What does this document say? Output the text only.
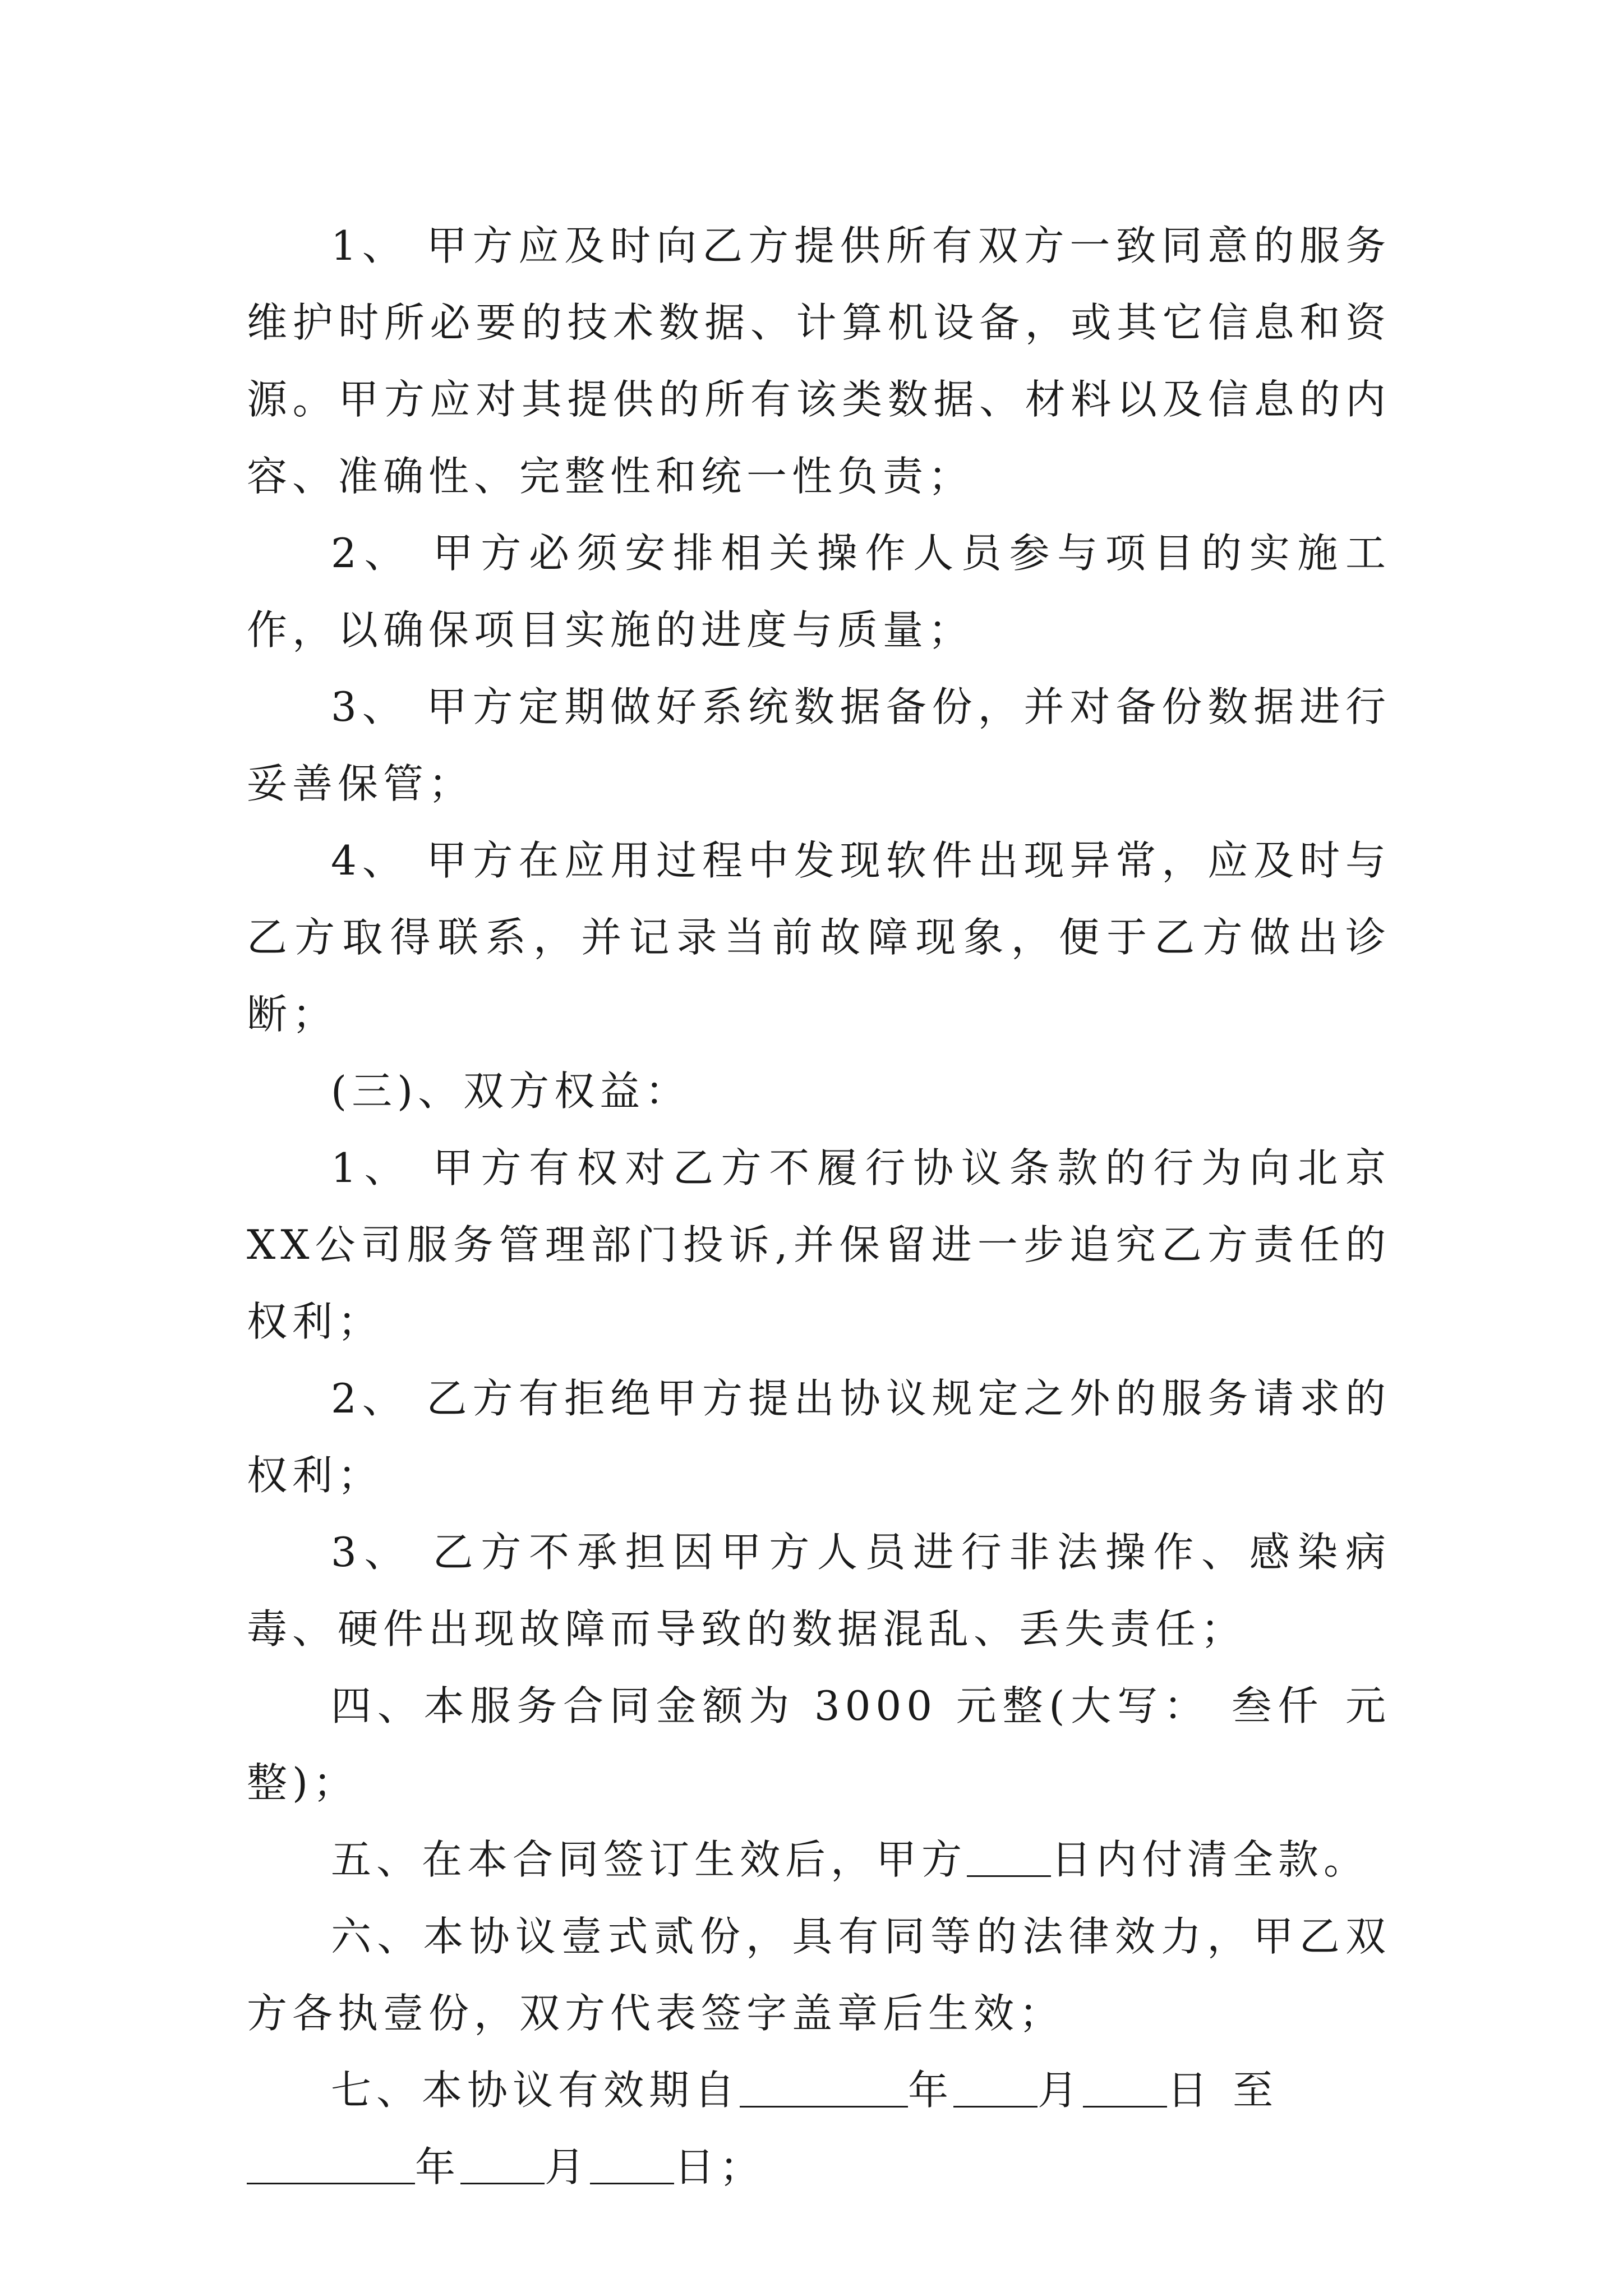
1、 甲方应及时向乙方提供所有双方一致同意的服务维护时所必要的技术数据、计算机设备，或其它信息和资源。甲方应对其提供的所有该类数据、材料以及信息的内容、准确性、完整性和统一性负责；

2、 甲方必须安排相关操作人员参与项目的实施工作，以确保项目实施的进度与质量；

3、 甲方定期做好系统数据备份，并对备份数据进行妥善保管；

4、 甲方在应用过程中发现软件出现异常，应及时与乙方取得联系，并记录当前故障现象，便于乙方做出诊断；

(三)、双方权益：

1、 甲方有权对乙方不履行协议条款的行为向北京XX公司服务管理部门投诉,并保留进一步追究乙方责任的权利；

2、 乙方有拒绝甲方提出协议规定之外的服务请求的权利；

3、 乙方不承担因甲方人员进行非法操作、感染病毒、硬件出现故障而导致的数据混乱、丢失责任；

四、本服务合同金额为 3000 元整(大写： 叁仟 元整)；

五、在本合同签订生效后，甲方 日内付清全款。

六、本协议壹式贰份，具有同等的法律效力，甲乙双方各执壹份，双方代表签字盖章后生效；

七、本协议有效期自	年 月 日 至
年 月 日；
